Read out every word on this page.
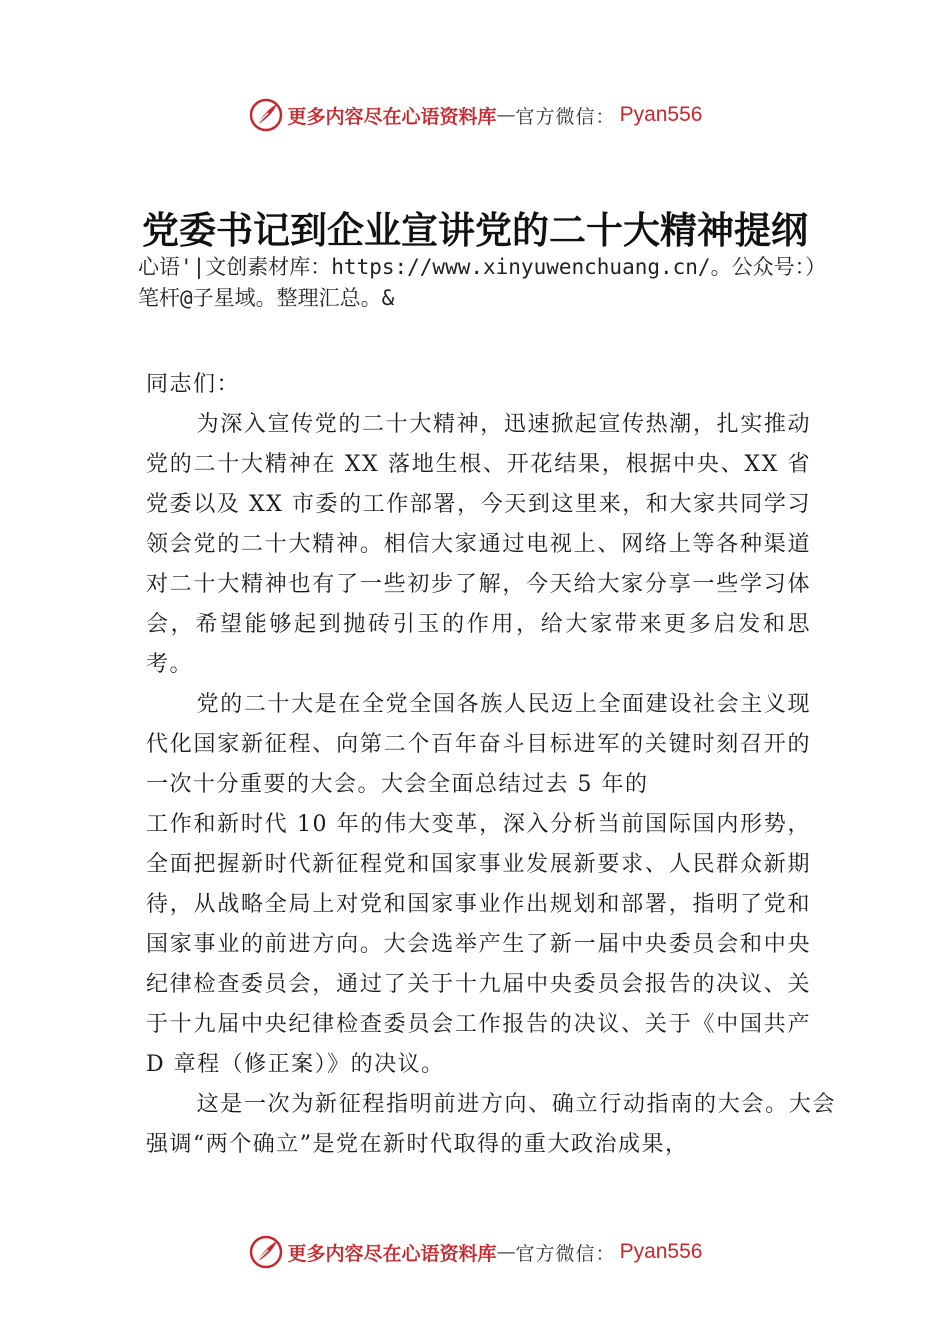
更多内容尽在心语资料库 — 官方微信： Pyan556
党委书记到企业宣讲党的二十大精神提纲
心语'|文创素材库：https://www.xinyuwenchuang.cn/。公众号：）笔杆@子星域。整理汇总。&

同志们：

为深入宣传党的二十大精神，迅速掀起宣传热潮，扎实推动党的二十大精神在 XX 落地生根、开花结果，根据中央、XX 省党委以及 XX 市委的工作部署，今天到这里来，和大家共同学习领会党的二十大精神。相信大家通过电视上、网络上等各种渠道对二十大精神也有了一些初步了解，今天给大家分享一些学习体会，希望能够起到抛砖引玉的作用，给大家带来更多启发和思考。

党的二十大是在全党全国各族人民迈上全面建设社会主义现代化国家新征程、向第二个百年奋斗目标进军的关键时刻召开的一次十分重要的大会。大会全面总结过去 5 年的

工作和新时代 10 年的伟大变革，深入分析当前国际国内形势，全面把握新时代新征程党和国家事业发展新要求、人民群众新期待，从战略全局上对党和国家事业作出规划和部署，指明了党和国家事业的前进方向。大会选举产生了新一届中央委员会和中央纪律检查委员会，通过了关于十九届中央委员会报告的决议、关于十九届中央纪律检查委员会工作报告的决议、关于《中国共产 D 章程（修正案）》的决议。

这是一次为新征程指明前进方向、确立行动指南的大会。大会强调“两个确立”是党在新时代取得的重大政治成果，

更多内容尽在心语资料库 — 官方微信： Pyan556
